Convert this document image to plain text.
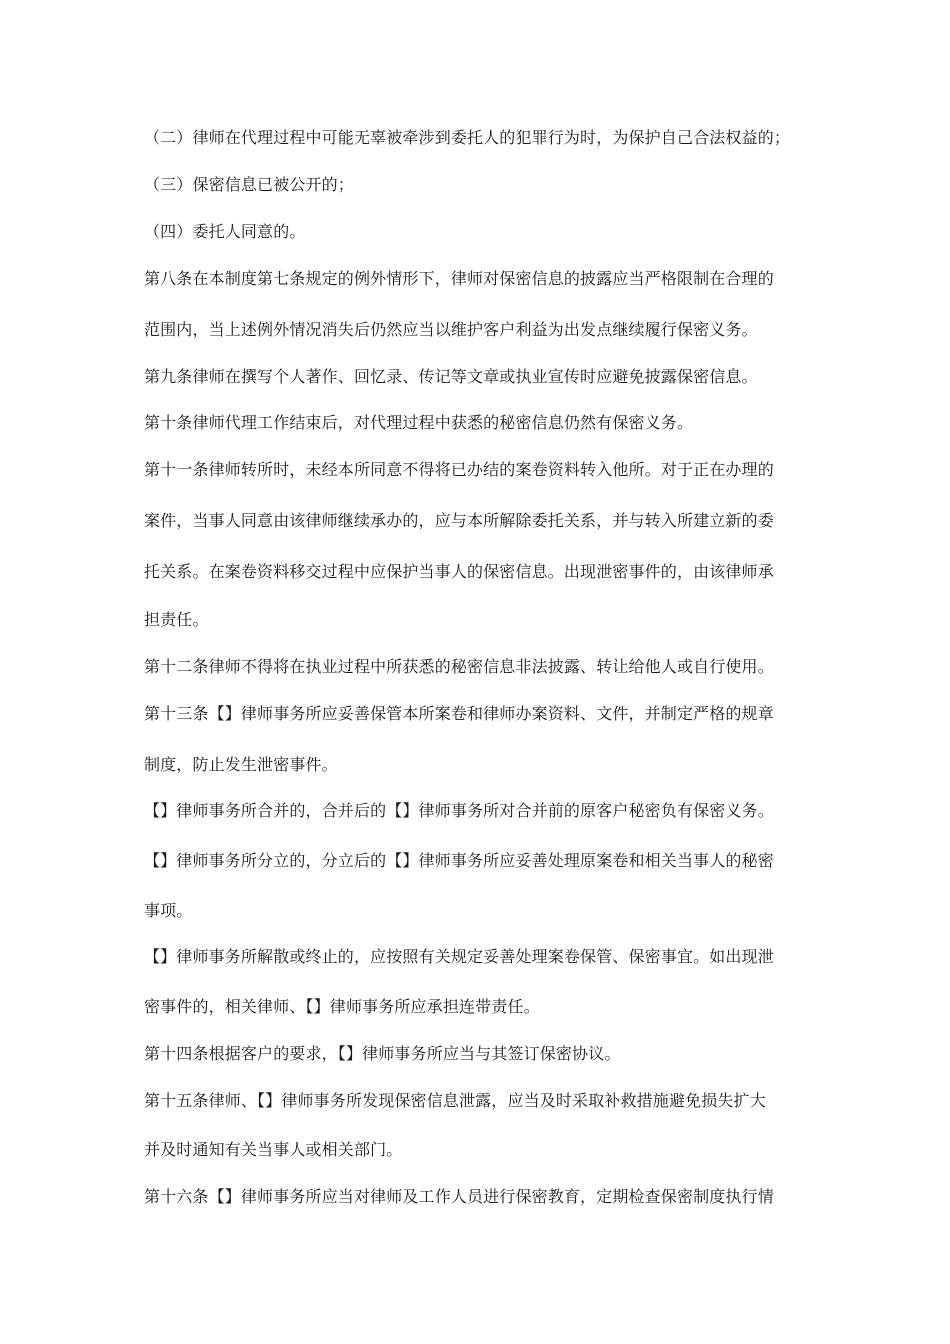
（二）律师在代理过程中可能无辜被牵涉到委托人的犯罪行为时，为保护自己合法权益的；
（三）保密信息已被公开的；
（四）委托人同意的。
第八条在本制度第七条规定的例外情形下，律师对保密信息的披露应当严格限制在合理的
范围内，当上述例外情况消失后仍然应当以维护客户利益为出发点继续履行保密义务。
第九条律师在撰写个人著作、回忆录、传记等文章或执业宣传时应避免披露保密信息。
第十条律师代理工作结束后，对代理过程中获悉的秘密信息仍然有保密义务。
第十一条律师转所时，未经本所同意不得将已办结的案卷资料转入他所。对于正在办理的
案件，当事人同意由该律师继续承办的，应与本所解除委托关系，并与转入所建立新的委
托关系。在案卷资料移交过程中应保护当事人的保密信息。出现泄密事件的，由该律师承
担责任。
第十二条律师不得将在执业过程中所获悉的秘密信息非法披露、转让给他人或自行使用。
第十三条【】律师事务所应妥善保管本所案卷和律师办案资料、文件，并制定严格的规章
制度，防止发生泄密事件。
【】律师事务所合并的，合并后的【】律师事务所对合并前的原客户秘密负有保密义务。
【】律师事务所分立的，分立后的【】律师事务所应妥善处理原案卷和相关当事人的秘密
事项。
【】律师事务所解散或终止的，应按照有关规定妥善处理案卷保管、保密事宜。如出现泄
密事件的，相关律师、【】律师事务所应承担连带责任。
第十四条根据客户的要求，【】律师事务所应当与其签订保密协议。
第十五条律师、【】律师事务所发现保密信息泄露，应当及时采取补救措施避免损失扩大
并及时通知有关当事人或相关部门。
第十六条【】律师事务所应当对律师及工作人员进行保密教育，定期检查保密制度执行情
